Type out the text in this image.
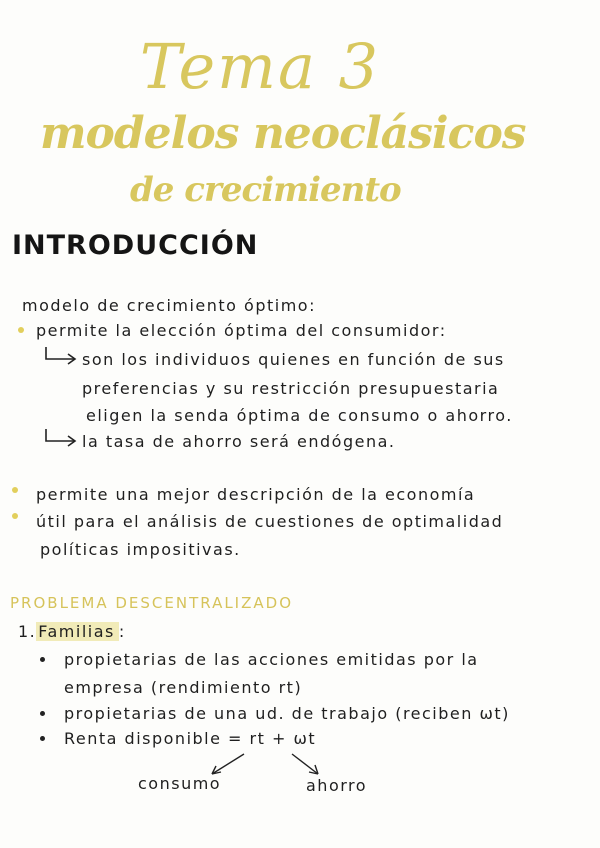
Tema 3
modelos neoclásicos
de crecimiento
INTRODUCCIÓN
modelo de crecimiento óptimo:
permite la elección óptima del consumidor:
son los individuos quienes en función de sus
preferencias y su restricción presupuestaria
eligen la senda óptima de consumo o ahorro.
la tasa de ahorro será endógena.
permite una mejor descripción de la economía
útil para el análisis de cuestiones de optimalidad
políticas impositivas.
PROBLEMA DESCENTRALIZADO
1. Familias :
propietarias de las acciones emitidas por la
empresa (rendimiento rt)
propietarias de una ud. de trabajo (reciben ωt)
Renta disponible = rt + ωt
consumo	ahorro
